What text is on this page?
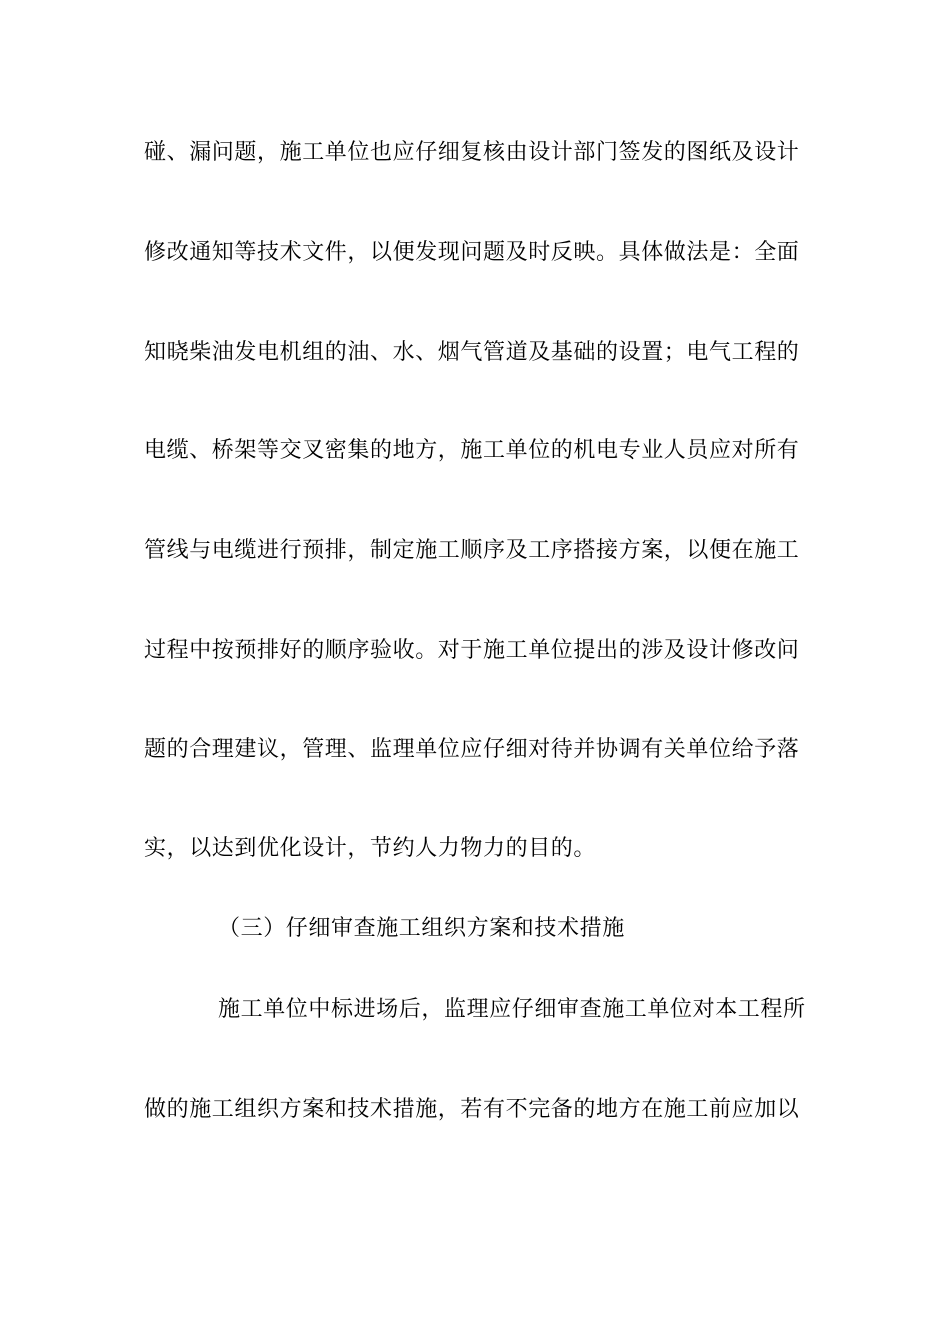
碰、漏问题，施工单位也应仔细复核由设计部门签发的图纸及设计
修改通知等技术文件，以便发现问题及时反映。具体做法是：全面
知晓柴油发电机组的油、水、烟气管道及基础的设置；电气工程的
电缆、桥架等交叉密集的地方，施工单位的机电专业人员应对所有
管线与电缆进行预排，制定施工顺序及工序搭接方案，以便在施工
过程中按预排好的顺序验收。对于施工单位提出的涉及设计修改问
题的合理建议，管理、监理单位应仔细对待并协调有关单位给予落
实，以达到优化设计，节约人力物力的目的。
（三）仔细审查施工组织方案和技术措施
施工单位中标进场后，监理应仔细审查施工单位对本工程所
做的施工组织方案和技术措施，若有不完备的地方在施工前应加以
